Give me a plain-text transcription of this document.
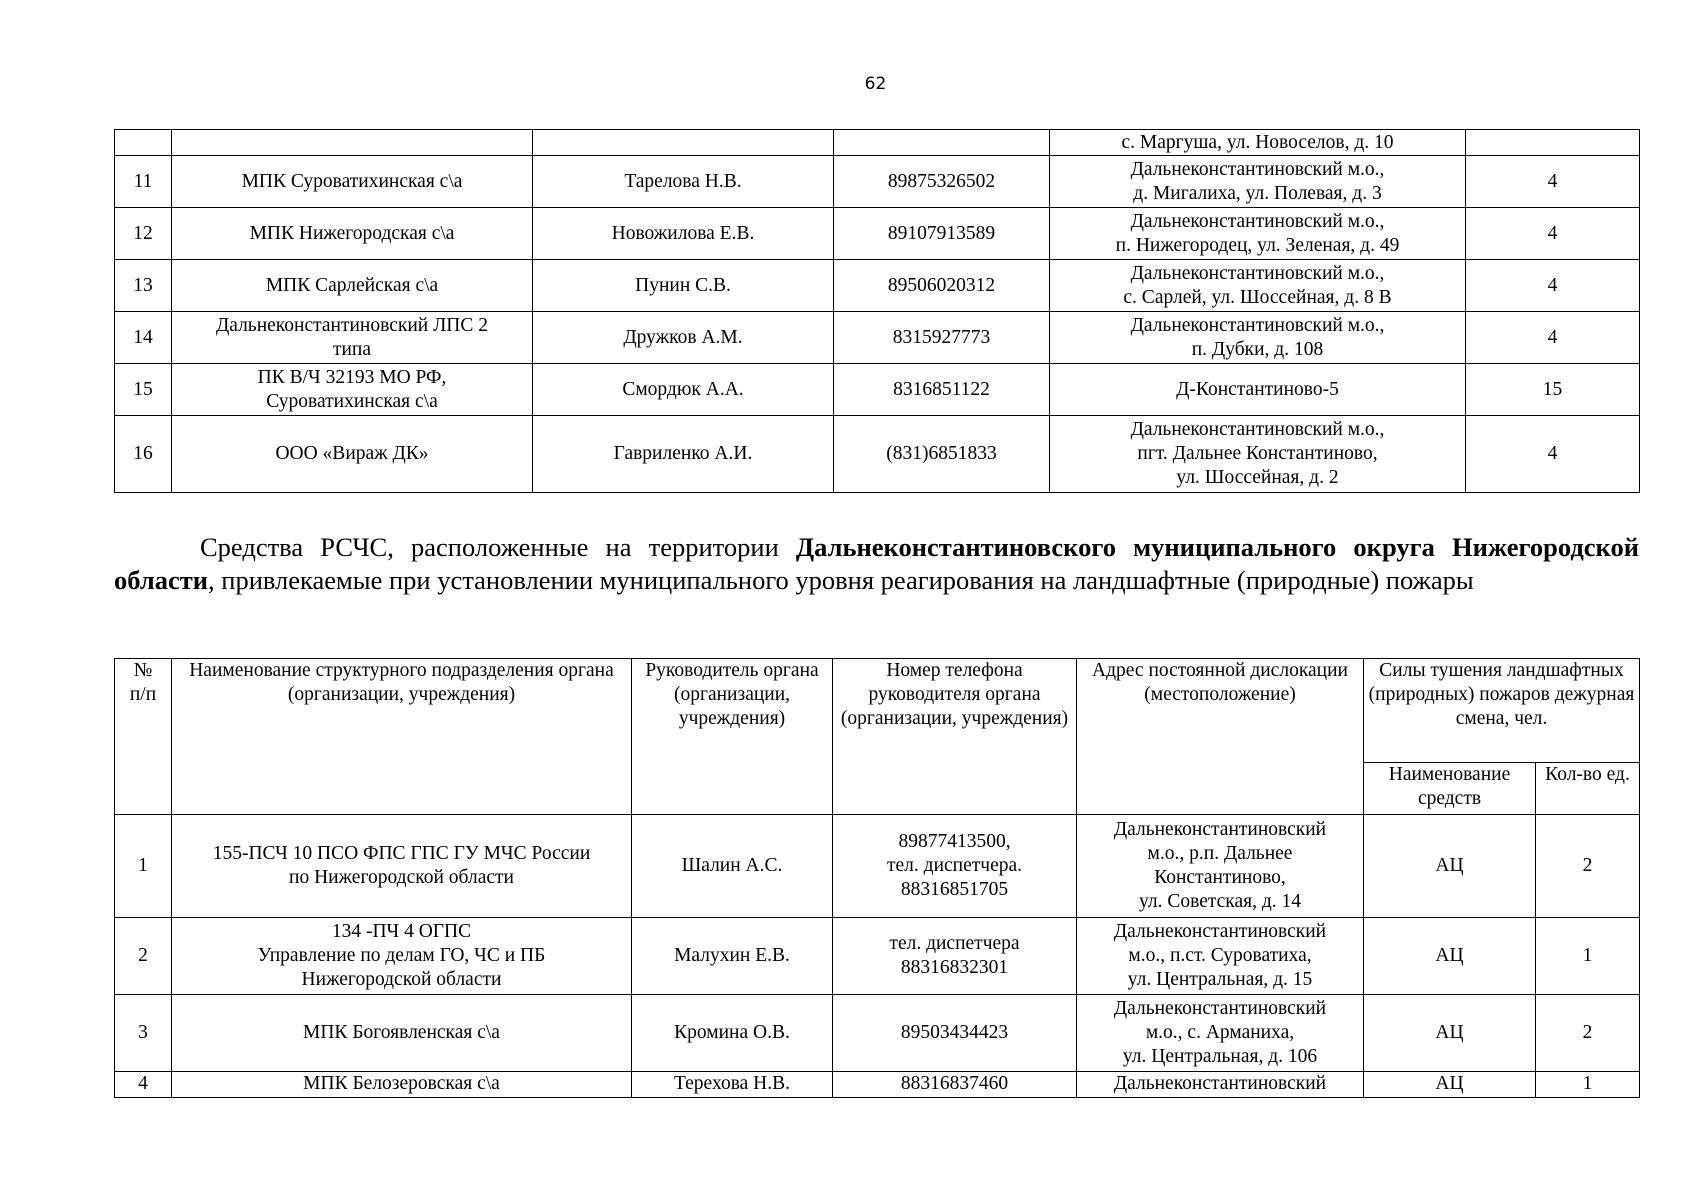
62
				с. Маргуша, ул. Новоселов, д. 10	
11	МПК Суроватихинская с\а	Тарелова Н.В.	89875326502	Дальнеконстантиновский м.о.,
д. Мигалиха, ул. Полевая, д. 3	4
12	МПК Нижегородская с\а	Новожилова Е.В.	89107913589	Дальнеконстантиновский м.о.,
п. Нижегородец, ул. Зеленая, д. 49	4
13	МПК Сарлейская с\а	Пунин С.В.	89506020312	Дальнеконстантиновский м.о.,
с. Сарлей, ул. Шоссейная, д. 8 В	4
14	Дальнеконстантиновский ЛПС 2
типа	Дружков А.М.	8315927773	Дальнеконстантиновский м.о.,
п. Дубки, д. 108	4
15	ПК В/Ч 32193 МО РФ,
Суроватихинская с\а	Смордюк А.А.	8316851122	Д-Константиново-5	15
16	ООО «Вираж ДК»	Гавриленко А.И.	(831)6851833	Дальнеконстантиновский м.о.,
пгт. Дальнее Константиново,
ул. Шоссейная, д. 2	4
Средства РСЧС, расположенные на территории Дальнеконстантиновского муниципального округа Нижегородской области, привлекаемые при установлении муниципального уровня реагирования на ландшафтные (природные) пожары
№
п/п	Наименование структурного подразделения органа (организации, учреждения)	Руководитель органа (организации, учреждения)	Номер телефона руководителя органа (организации, учреждения)	Адрес постоянной дислокации (местоположение)	Силы тушения ландшафтных (природных) пожаров дежурная смена, чел.	
					Наименование средств	Кол-во ед.
1	155-ПСЧ 10 ПСО ФПС ГПС ГУ МЧС России
по Нижегородской области	Шалин А.С.	89877413500,
тел. диспетчера.
88316851705	Дальнеконстантиновский
м.о., р.п. Дальнее
Константиново,
ул. Советская, д. 14	АЦ	2
2	134 -ПЧ 4 ОГПС
Управление по делам ГО, ЧС и ПБ
Нижегородской области	Малухин Е.В.	тел. диспетчера
88316832301	Дальнеконстантиновский
м.о., п.ст. Суроватиха,
ул. Центральная, д. 15	АЦ	1
3	МПК Богоявленская с\а	Кромина О.В.	89503434423	Дальнеконстантиновский
м.о., с. Арманиха,
ул. Центральная, д. 106	АЦ	2
4	МПК Белозеровская с\а	Терехова Н.В.	88316837460	Дальнеконстантиновский	АЦ	1
